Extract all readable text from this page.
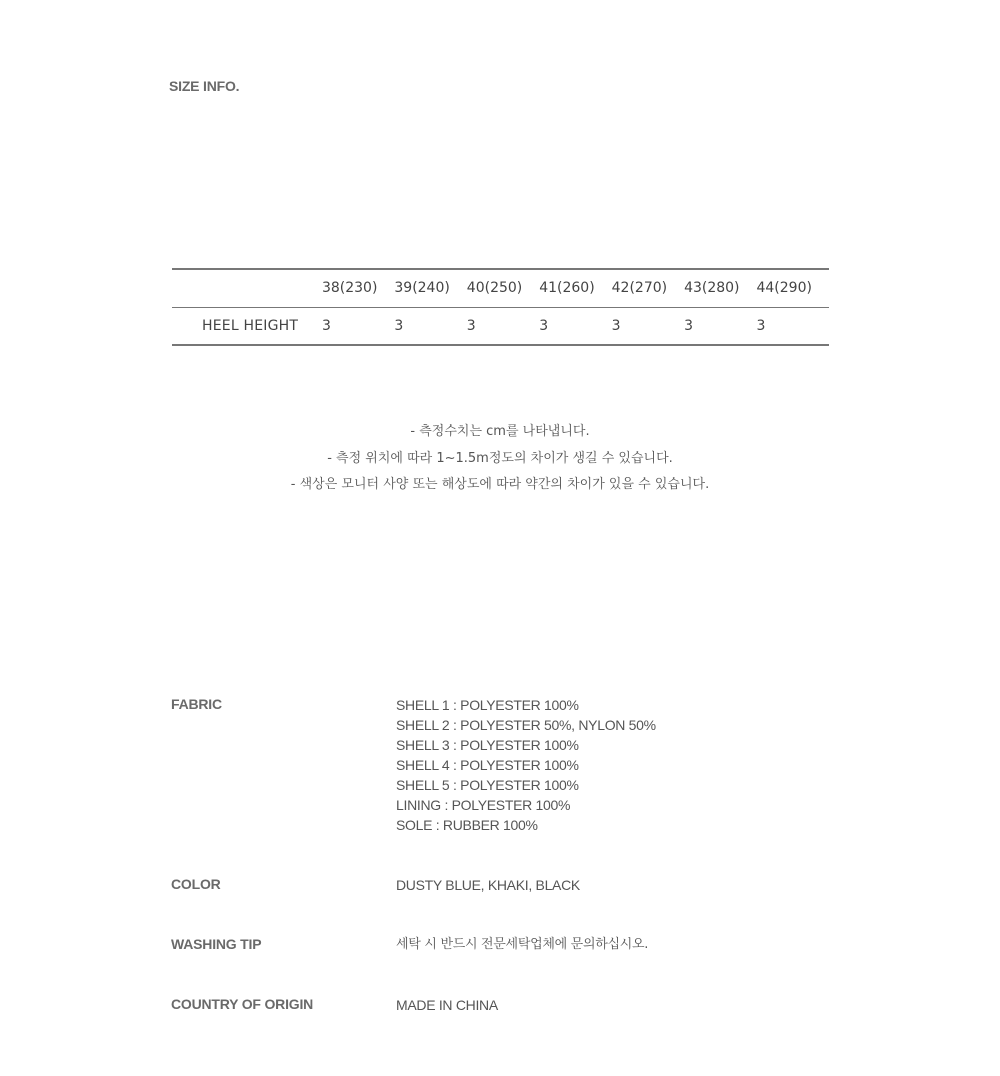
SIZE INFO.
	38(230)	39(240)	40(250)	41(260)	42(270)	43(280)	44(290)
HEEL HEIGHT	3	3	3	3	3	3	3
- 측정수치는 cm를 나타냅니다.
- 측정 위치에 따라 1~1.5m정도의 차이가 생길 수 있습니다.
- 색상은 모니터 사양 또는 해상도에 따라 약간의 차이가 있을 수 있습니다.
FABRIC	SHELL 1 : POLYESTER 100%
SHELL 2 : POLYESTER 50%, NYLON 50%
SHELL 3 : POLYESTER 100%
SHELL 4 : POLYESTER 100%
SHELL 5 : POLYESTER 100%
LINING : POLYESTER 100%
SOLE : RUBBER 100%
COLOR	DUSTY BLUE, KHAKI, BLACK
WASHING TIP	세탁 시 반드시 전문세탁업체에 문의하십시오.
COUNTRY OF ORIGIN	MADE IN CHINA
